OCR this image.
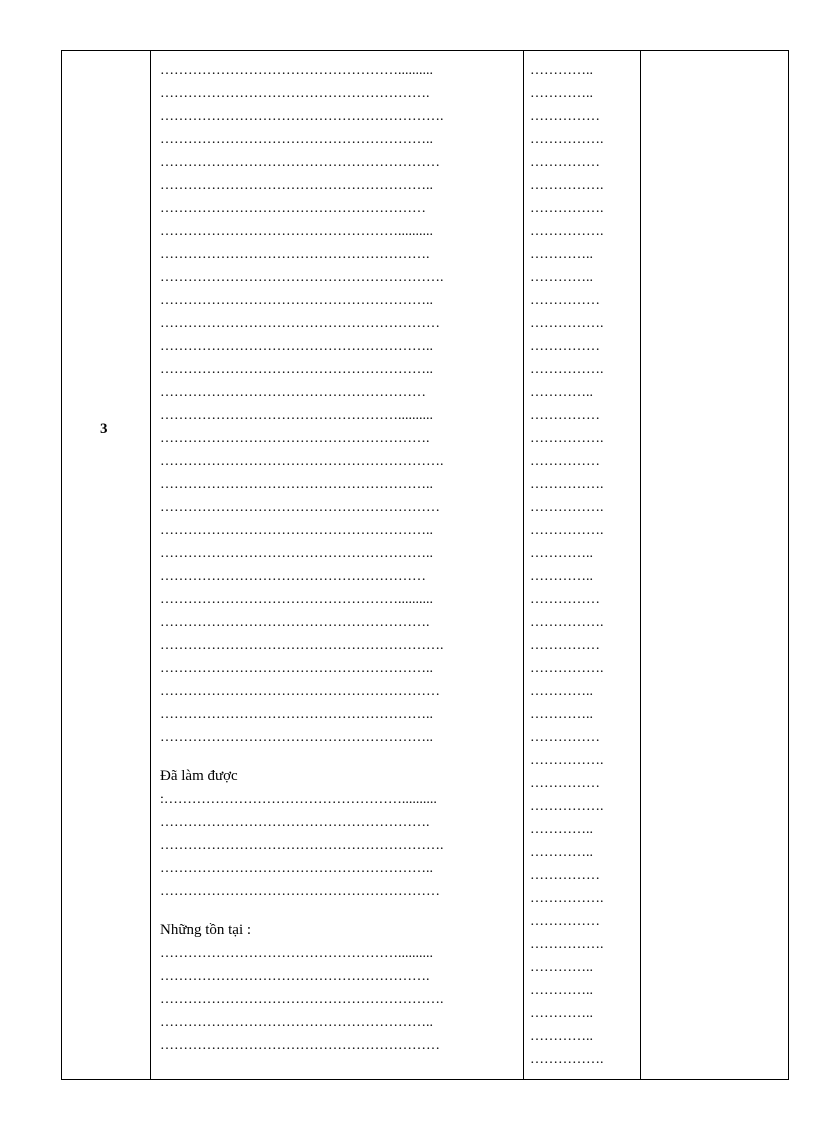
3
……………………………………………..........
………………………………………………….
…………………………………………………….
…………………………………………………..
……………………………………………………
…………………………………………………..
…………………………………………………
……………………………………………..........
………………………………………………….
…………………………………………………….
…………………………………………………..
……………………………………………………
…………………………………………………..
…………………………………………………..
…………………………………………………
……………………………………………..........
………………………………………………….
…………………………………………………….
…………………………………………………..
……………………………………………………
…………………………………………………..
…………………………………………………..
…………………………………………………
……………………………………………..........
………………………………………………….
…………………………………………………….
…………………………………………………..
……………………………………………………
…………………………………………………..
…………………………………………………..
Đã làm được
:……………………………………………..........
………………………………………………….
…………………………………………………….
…………………………………………………..
……………………………………………………
Những tồn tại :
……………………………………………..........
………………………………………………….
…………………………………………………….
…………………………………………………..
……………………………………………………
…………..
…………..
……………
…………….
……………
…………….
…………….
…………….
…………..
…………..
……………
…………….
……………
…………….
…………..
……………
…………….
……………
…………….
…………….
…………….
…………..
…………..
……………
…………….
……………
…………….
…………..
…………..
……………
…………….
……………
…………….
…………..
…………..
……………
…………….
……………
…………….
…………..
…………..
…………..
…………..
…………….
